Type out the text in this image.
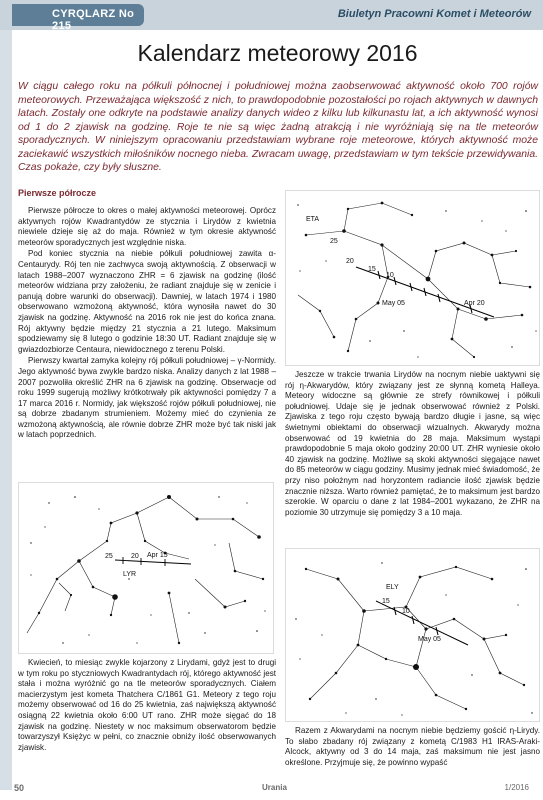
CYRQLARZ No 215
Biuletyn Pracowni Komet i Meteorów
Kalendarz meteorowy 2016
W ciągu całego roku na półkuli północnej i południowej można zaobserwować aktywność około 700 rojów meteorowych. Przeważająca większość z nich, to prawdopodobnie pozostałości po rojach aktywnych w dawnych latach. Zostały one odkryte na podstawie analizy danych wideo z kilku lub kilkunastu lat, a ich aktywność wynosi od 1 do 2 zjawisk na godzinę. Roje te nie są więc żadną atrakcją i nie wyróżniają się na tle meteorów sporadycznych. W niniejszym opracowaniu przedstawiam wybrane roje meteorowe, których aktywność może zaciekawić wszystkich miłośników nocnego nieba. Zwracam uwagę, przedstawiam w tym tekście przewidywania. Czas pokaże, czy były słuszne.
Pierwsze półrocze

Pierwsze półrocze to okres o małej aktywności meteorowej. Oprócz aktywnych rojów Kwadrantydów ze stycznia i Lirydów z kwietnia niewiele dzieje się aż do maja. Również w tym okresie aktywność meteorów sporadycznych jest względnie niska.

Pod koniec stycznia na niebie półkuli południowej zawita α-Centaurydy. Rój ten nie zachwyca swoją aktywnością. Z obserwacji w latach 1988–2007 wyznaczono ZHR = 6 zjawisk na godzinę (ilość meteorów widziana przy założeniu, że radiant znajduje się w zenicie i panują dobre warunki do obserwacji). Dawniej, w latach 1974 i 1980 obserwowano wzmożoną aktywność, która wynosiła nawet do 30 zjawisk na godzinę. Aktywność na 2016 rok nie jest do końca znana. Rój aktywny będzie między 21 stycznia a 21 lutego. Maksimum spodziewamy się 8 lutego o godzinie 18:30 UT. Radiant znajduje się w gwiazdozbiorze Centaura, niewidocznego z terenu Polski.

Pierwszy kwartał zamyka kolejny rój półkuli południowej – γ-Normidy. Jego aktywność bywa zwykle bardzo niska. Analizy danych z lat 1988 – 2007 pozwoliła określić ZHR na 6 zjawisk na godzinę. Obserwacje od roku 1999 sugerują możliwy krótkotrwały pik aktywności pomiędzy 7 a 17 marca 2016 r. Normidy, jak większość rojów półkuli południowej, nie są dobrze zbadanym strumieniem. Możemy mieć do czynienia ze wzmożoną aktywnością, ale równie dobrze ZHR może być tak niski jak w latach poprzednich.

25	20 Apr 15
LYR

Kwiecień, to miesiąc zwykle kojarzony z Lirydami, gdyż jest to drugi w tym roku po styczniowych Kwadrantydach rój, którego aktywność jest stała i można wyróżnić go na tle meteorów sporadycznych. Ciałem macierzystym jest kometa Thatchera C/1861 G1. Meteory z tego roju możemy obserwować od 16 do 25 kwietnia, zaś największą aktywność osiągną 22 kwietnia około 6:00 UT rano. ZHR może sięgać do 18 zjawisk na godzinę. Niestety w noc maksimum obserwatorom będzie towarzyszył Księżyc w pełni, co znacznie obniży ilość obserwowanych zjawisk.

ETA
25
20
15
10
May 05	Apr 20

Jeszcze w trakcie trwania Lirydów na nocnym niebie uaktywni się rój η-Akwarydów, który związany jest ze słynną kometą Halleya. Meteory widoczne są głównie ze strefy równikowej i półkuli południowej. Udaje się je jednak obserwować również z Polski. Zjawiska z tego roju często bywają bardzo długie i jasne, są więc świetnymi obiektami do obserwacji wizualnych. Akwarydy można obserwować od 19 kwietnia do 28 maja. Maksimum wystąpi prawdopodobnie 5 maja około godziny 20:00 UT. ZHR wyniesie około 40 zjawisk na godzinę. Możliwe są skoki aktywności sięgające nawet do 85 meteorów w ciągu godziny. Musimy jednak mieć świadomość, że przy niso położnym nad horyzontem radiancie ilość zjawisk będzie znacznie niższa. Warto również pamiętać, że to maksimum jest bardzo szerokie. W oparciu o dane z lat 1984–2001 wykazano, że ZHR na poziomie 30 utrzymuje się pomiędzy 3 a 10 maja.

ELY
15
10
May 05

Razem z Akwarydami na nocnym niebie będziemy gościć η-Lirydy. To słabo zbadany rój związany z kometą C/1983 H1 IRAS-Araki-Alcock, aktywny od 3 do 14 maja, zaś maksimum nie jest jasno określone. Przyjmuje się, że powinno wypaść

50	Urania	1/2016
